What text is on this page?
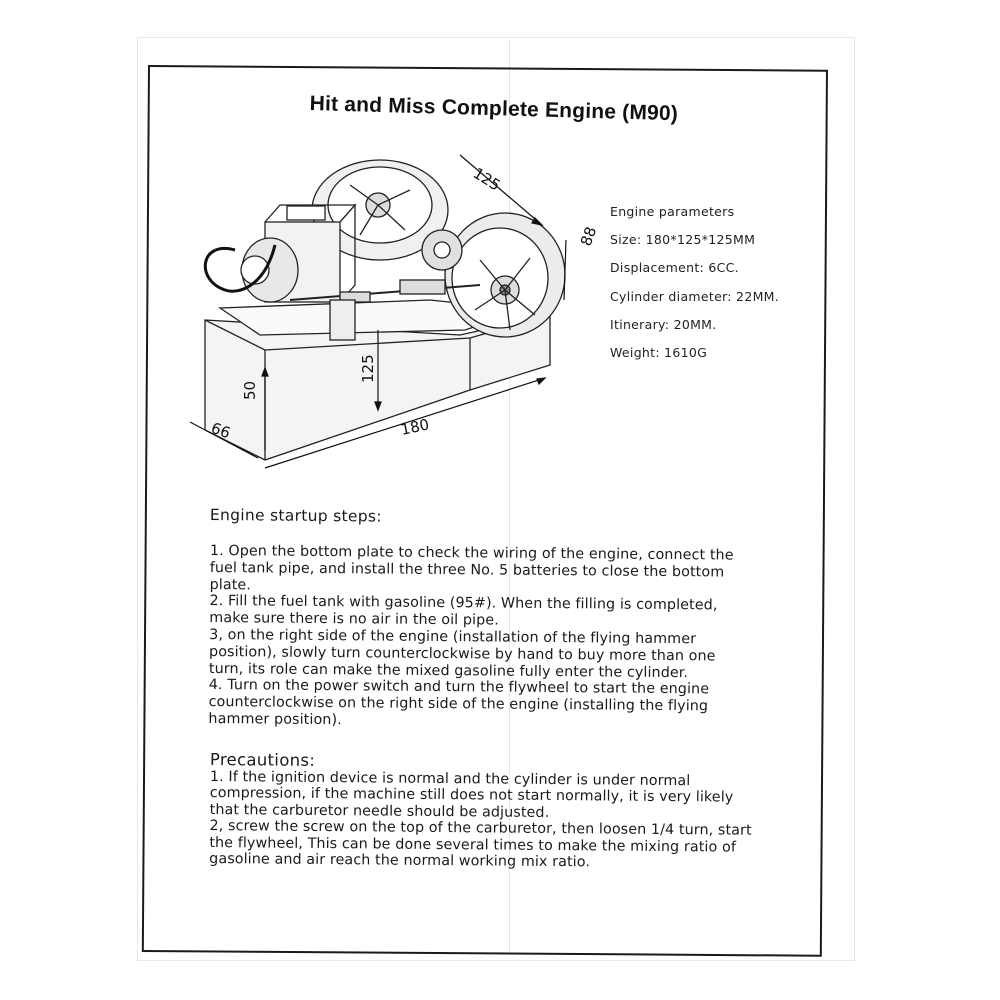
Hit and Miss Complete Engine (M90)
125
88
125
50
66	180
Engine parameters
Size: 180*125*125MM
Displacement: 6CC.
Cylinder diameter: 22MM.
Itinerary: 20MM.
Weight: 1610G
Engine startup steps:
1. Open the bottom plate to check the wiring of the engine, connect the
fuel tank pipe, and install the three No. 5 batteries to close the bottom
plate.
2. Fill the fuel tank with gasoline (95#). When the filling is completed,
make sure there is no air in the oil pipe.
3, on the right side of the engine (installation of the flying hammer
position), slowly turn counterclockwise by hand to buy more than one
turn, its role can make the mixed gasoline fully enter the cylinder.
4. Turn on the power switch and turn the flywheel to start the engine
counterclockwise on the right side of the engine (installing the flying
hammer position).
Precautions:
1. If the ignition device is normal and the cylinder is under normal
compression, if the machine still does not start normally, it is very likely
that the carburetor needle should be adjusted.
2, screw the screw on the top of the carburetor, then loosen 1/4 turn, start
the flywheel, This can be done several times to make the mixing ratio of
gasoline and air reach the normal working mix ratio.
